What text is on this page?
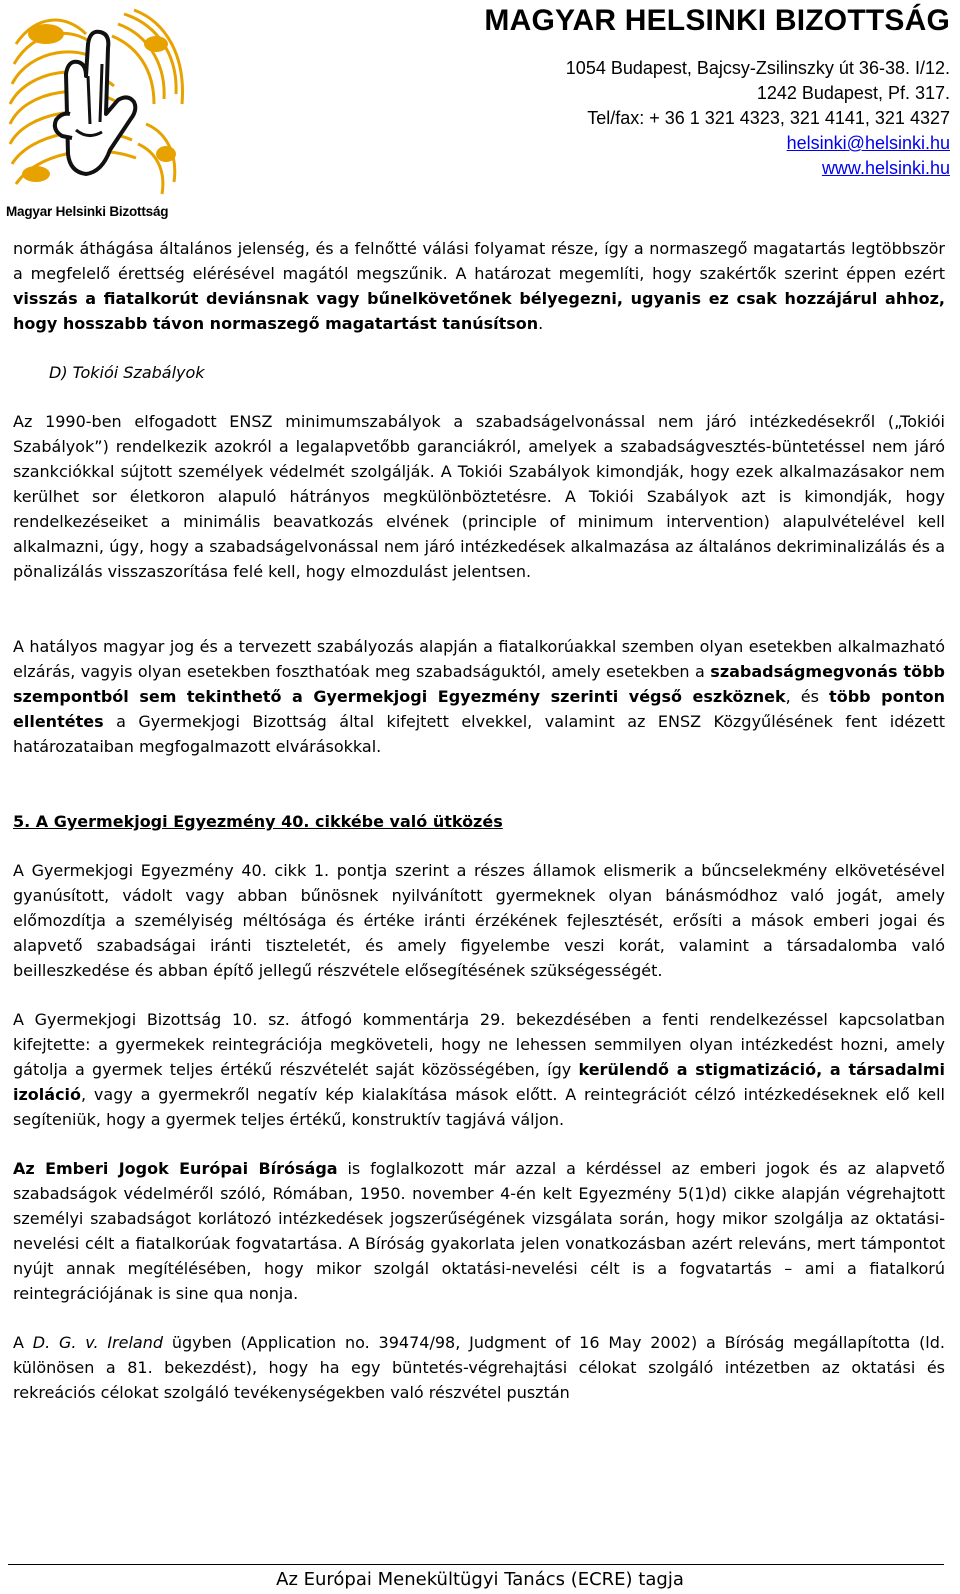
Magyar Helsinki Bizottság
MAGYAR HELSINKI BIZOTTSÁG
1054 Budapest, Bajcsy-Zsilinszky út 36-38. I/12.
1242 Budapest, Pf. 317.
Tel/fax: + 36 1 321 4323, 321 4141, 321 4327
helsinki@helsinki.hu
www.helsinki.hu

normák áthágása általános jelenség, és a felnőtté válási folyamat része, így a normaszegő magatartás legtöbbször a megfelelő érettség elérésével magától megszűnik. A határozat megemlíti, hogy szakértők szerint éppen ezért visszás a fiatalkorút deviánsnak vagy bűnelkövetőnek bélyegezni, ugyanis ez csak hozzájárul ahhoz, hogy hosszabb távon normaszegő magatartást tanúsítson.

D) Tokiói Szabályok

Az 1990-ben elfogadott ENSZ minimumszabályok a szabadságelvonással nem járó intézkedésekről („Tokiói Szabályok”) rendelkezik azokról a legalapvetőbb garanciákról, amelyek a szabadságvesztés-büntetéssel nem járó szankciókkal sújtott személyek védelmét szolgálják. A Tokiói Szabályok kimondják, hogy ezek alkalmazásakor nem kerülhet sor életkoron alapuló hátrányos megkülönböztetésre. A Tokiói Szabályok azt is kimondják, hogy rendelkezéseiket a minimális beavatkozás elvének (principle of minimum intervention) alapulvételével kell alkalmazni, úgy, hogy a szabadságelvonással nem járó intézkedések alkalmazása az általános dekriminalizálás és a pönalizálás visszaszorítása felé kell, hogy elmozdulást jelentsen.

A hatályos magyar jog és a tervezett szabályozás alapján a fiatalkorúakkal szemben olyan esetekben alkalmazható elzárás, vagyis olyan esetekben foszthatóak meg szabadságuktól, amely esetekben a szabadságmegvonás több szempontból sem tekinthető a Gyermekjogi Egyezmény szerinti végső eszköznek, és több ponton ellentétes a Gyermekjogi Bizottság által kifejtett elvekkel, valamint az ENSZ Közgyűlésének fent idézett határozataiban megfogalmazott elvárásokkal.

5. A Gyermekjogi Egyezmény 40. cikkébe való ütközés

A Gyermekjogi Egyezmény 40. cikk 1. pontja szerint a részes államok elismerik a bűncselekmény elkövetésével gyanúsított, vádolt vagy abban bűnösnek nyilvánított gyermeknek olyan bánásmódhoz való jogát, amely előmozdítja a személyiség méltósága és értéke iránti érzékének fejlesztését, erősíti a mások emberi jogai és alapvető szabadságai iránti tiszteletét, és amely figyelembe veszi korát, valamint a társadalomba való beilleszkedése és abban építő jellegű részvétele elősegítésének szükségességét.

A Gyermekjogi Bizottság 10. sz. átfogó kommentárja 29. bekezdésében a fenti rendelkezéssel kapcsolatban kifejtette: a gyermekek reintegrációja megköveteli, hogy ne lehessen semmilyen olyan intézkedést hozni, amely gátolja a gyermek teljes értékű részvételét saját közösségében, így kerülendő a stigmatizáció, a társadalmi izoláció, vagy a gyermekről negatív kép kialakítása mások előtt. A reintegrációt célzó intézkedéseknek elő kell segíteniük, hogy a gyermek teljes értékű, konstruktív tagjává váljon.

Az Emberi Jogok Európai Bírósága is foglalkozott már azzal a kérdéssel az emberi jogok és az alapvető szabadságok védelméről szóló, Rómában, 1950. november 4-én kelt Egyezmény 5(1)d) cikke alapján végrehajtott személyi szabadságot korlátozó intézkedések jogszerűségének vizsgálata során, hogy mikor szolgálja az oktatási-nevelési célt a fiatalkorúak fogvatartása. A Bíróság gyakorlata jelen vonatkozásban azért releváns, mert támpontot nyújt annak megítélésében, hogy mikor szolgál oktatási-nevelési célt is a fogvatartás – ami a fiatalkorú reintegrációjának is sine qua nonja.

A D. G. v. Ireland ügyben (Application no. 39474/98, Judgment of 16 May 2002) a Bíróság megállapította (ld. különösen a 81. bekezdést), hogy ha egy büntetés-végrehajtási célokat szolgáló intézetben az oktatási és rekreációs célokat szolgáló tevékenységekben való részvétel pusztán

Az Európai Menekültügyi Tanács (ECRE) tagja
